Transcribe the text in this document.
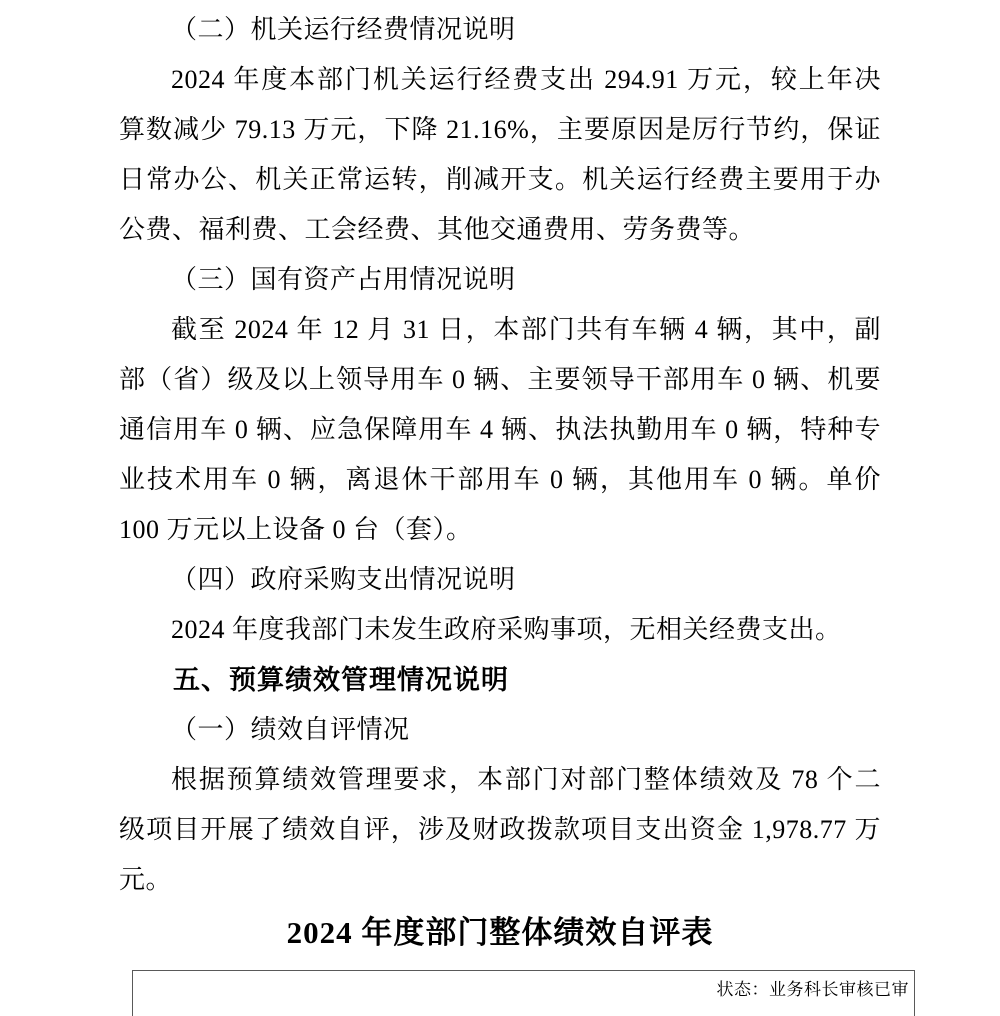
（二）机关运行经费情况说明
2024 年度本部门机关运行经费支出 294.91 万元，较上年决
算数减少 79.13 万元，下降 21.16%，主要原因是厉行节约，保证
日常办公、机关正常运转，削减开支。机关运行经费主要用于办
公费、福利费、工会经费、其他交通费用、劳务费等。
（三）国有资产占用情况说明
截至 2024 年 12 月 31 日，本部门共有车辆 4 辆，其中，副
部（省）级及以上领导用车 0 辆、主要领导干部用车 0 辆、机要
通信用车 0 辆、应急保障用车 4 辆、执法执勤用车 0 辆，特种专
业技术用车 0 辆，离退休干部用车 0 辆，其他用车 0 辆。单价
100 万元以上设备 0 台（套）。
（四）政府采购支出情况说明
2024 年度我部门未发生政府采购事项，无相关经费支出。
五、预算绩效管理情况说明
（一）绩效自评情况
根据预算绩效管理要求，本部门对部门整体绩效及 78 个二
级项目开展了绩效自评，涉及财政拨款项目支出资金 1,978.77 万
元。
2024 年度部门整体绩效自评表
状态：业务科长审核已审
